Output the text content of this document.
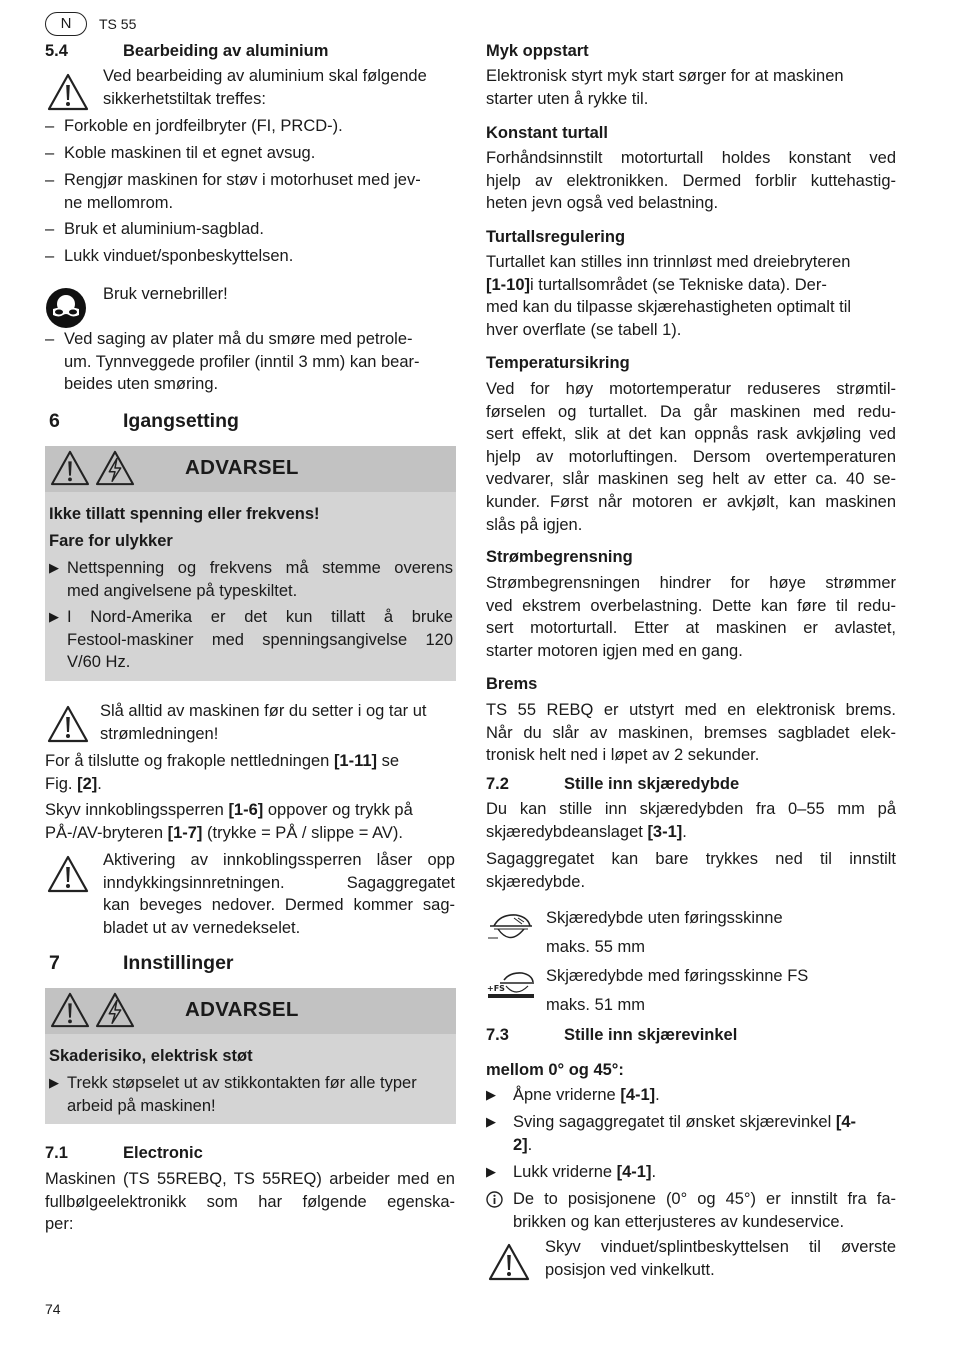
N	TS 55
5.4	Bearbeiding av aluminium
Ved bearbeiding av aluminium skal følgende
sikkerhetstiltak treffes:
– Forkoble en jordfeilbryter (FI, PRCD-).
– Koble maskinen til et egnet avsug.
– Rengjør maskinen for støv i motorhuset med jev-
ne mellomrom.
– Bruk et aluminium-sagblad.
– Lukk vinduet/sponbeskyttelsen.
Bruk vernebriller!
– Ved saging av plater må du smøre med petrole-
um. Tynnveggede profiler (inntil 3 mm) kan bear-
beides uten smøring.
6	Igangsetting
ADVARSEL
Ikke tillatt spenning eller frekvens!
Fare for ulykker
▶ Nettspenning og frekvens må stemme overens
med angivelsene på typeskiltet.
▶ I Nord-Amerika er det kun tillatt å bruke
Festool-maskiner med spenningsangivelse 120
V/60 Hz.
Slå alltid av maskinen før du setter i og tar ut
strømledningen!
For å tilslutte og frakople nettledningen [1-11] se
Fig. [2].
Skyv innkoblingssperren [1-6] oppover og trykk på
PÅ-/AV-bryteren [1-7] (trykke = PÅ / slippe = AV).
Aktivering av innkoblingssperren låser opp
inndykkingsinnretningen. Sagaggregatet
kan beveges nedover. Dermed kommer sag-
bladet ut av vernedekselet.
7	Innstillinger
ADVARSEL
Skaderisiko, elektrisk støt
▶ Trekk støpselet ut av stikkontakten før alle typer
arbeid på maskinen!
7.1	Electronic
Maskinen (TS 55REBQ, TS 55REQ) arbeider med en
fullbølgeelektronikk som har følgende egenska-
per:
74
Myk oppstart
Elektronisk styrt myk start sørger for at maskinen
starter uten å rykke til.
Konstant turtall
Forhåndsinnstilt motorturtall holdes konstant ved
hjelp av elektronikken. Dermed forblir kuttehastig-
heten jevn også ved belastning.
Turtallsregulering
Turtallet kan stilles inn trinnløst med dreiebryteren
[1-10]i turtallsområdet (se Tekniske data). Der-
med kan du tilpasse skjærehastigheten optimalt til
hver overflate (se tabell 1).
Temperatursikring
Ved for høy motortemperatur reduseres strømtil-
førselen og turtallet. Da går maskinen med redu-
sert effekt, slik at det kan oppnås rask avkjøling ved
hjelp av motorluftingen. Dersom overtemperaturen
vedvarer, slår maskinen seg helt av etter ca. 40 se-
kunder. Først når motoren er avkjølt, kan maskinen
slås på igjen.
Strømbegrensning
Strømbegrensningen hindrer for høye strømmer
ved ekstrem overbelastning. Dette kan føre til redu-
sert motorturtall. Etter at maskinen er avlastet,
starter motoren igjen med en gang.
Brems
TS 55 REBQ er utstyrt med en elektronisk brems.
Når du slår av maskinen, bremses sagbladet elek-
tronisk helt ned i løpet av 2 sekunder.
7.2	Stille inn skjæredybde
Du kan stille inn skjæredybden fra 0–55 mm på
skjæredybdeanslaget [3-1].
Sagaggregatet kan bare trykkes ned til innstilt
skjæredybde.
Skjæredybde uten føringsskinne
maks. 55 mm
+FS
Skjæredybde med føringsskinne FS
maks. 51 mm
7.3	Stille inn skjærevinkel
mellom 0° og 45°:
▶ Åpne vriderne [4-1].
▶ Sving sagaggregatet til ønsket skjærevinkel [4-
2].
▶ Lukk vriderne [4-1].
De to posisjonene (0° og 45°) er innstilt fra fa-
brikken og kan etterjusteres av kundeservice.
Skyv vinduet/splintbeskyttelsen til øverste
posisjon ved vinkelkutt.
